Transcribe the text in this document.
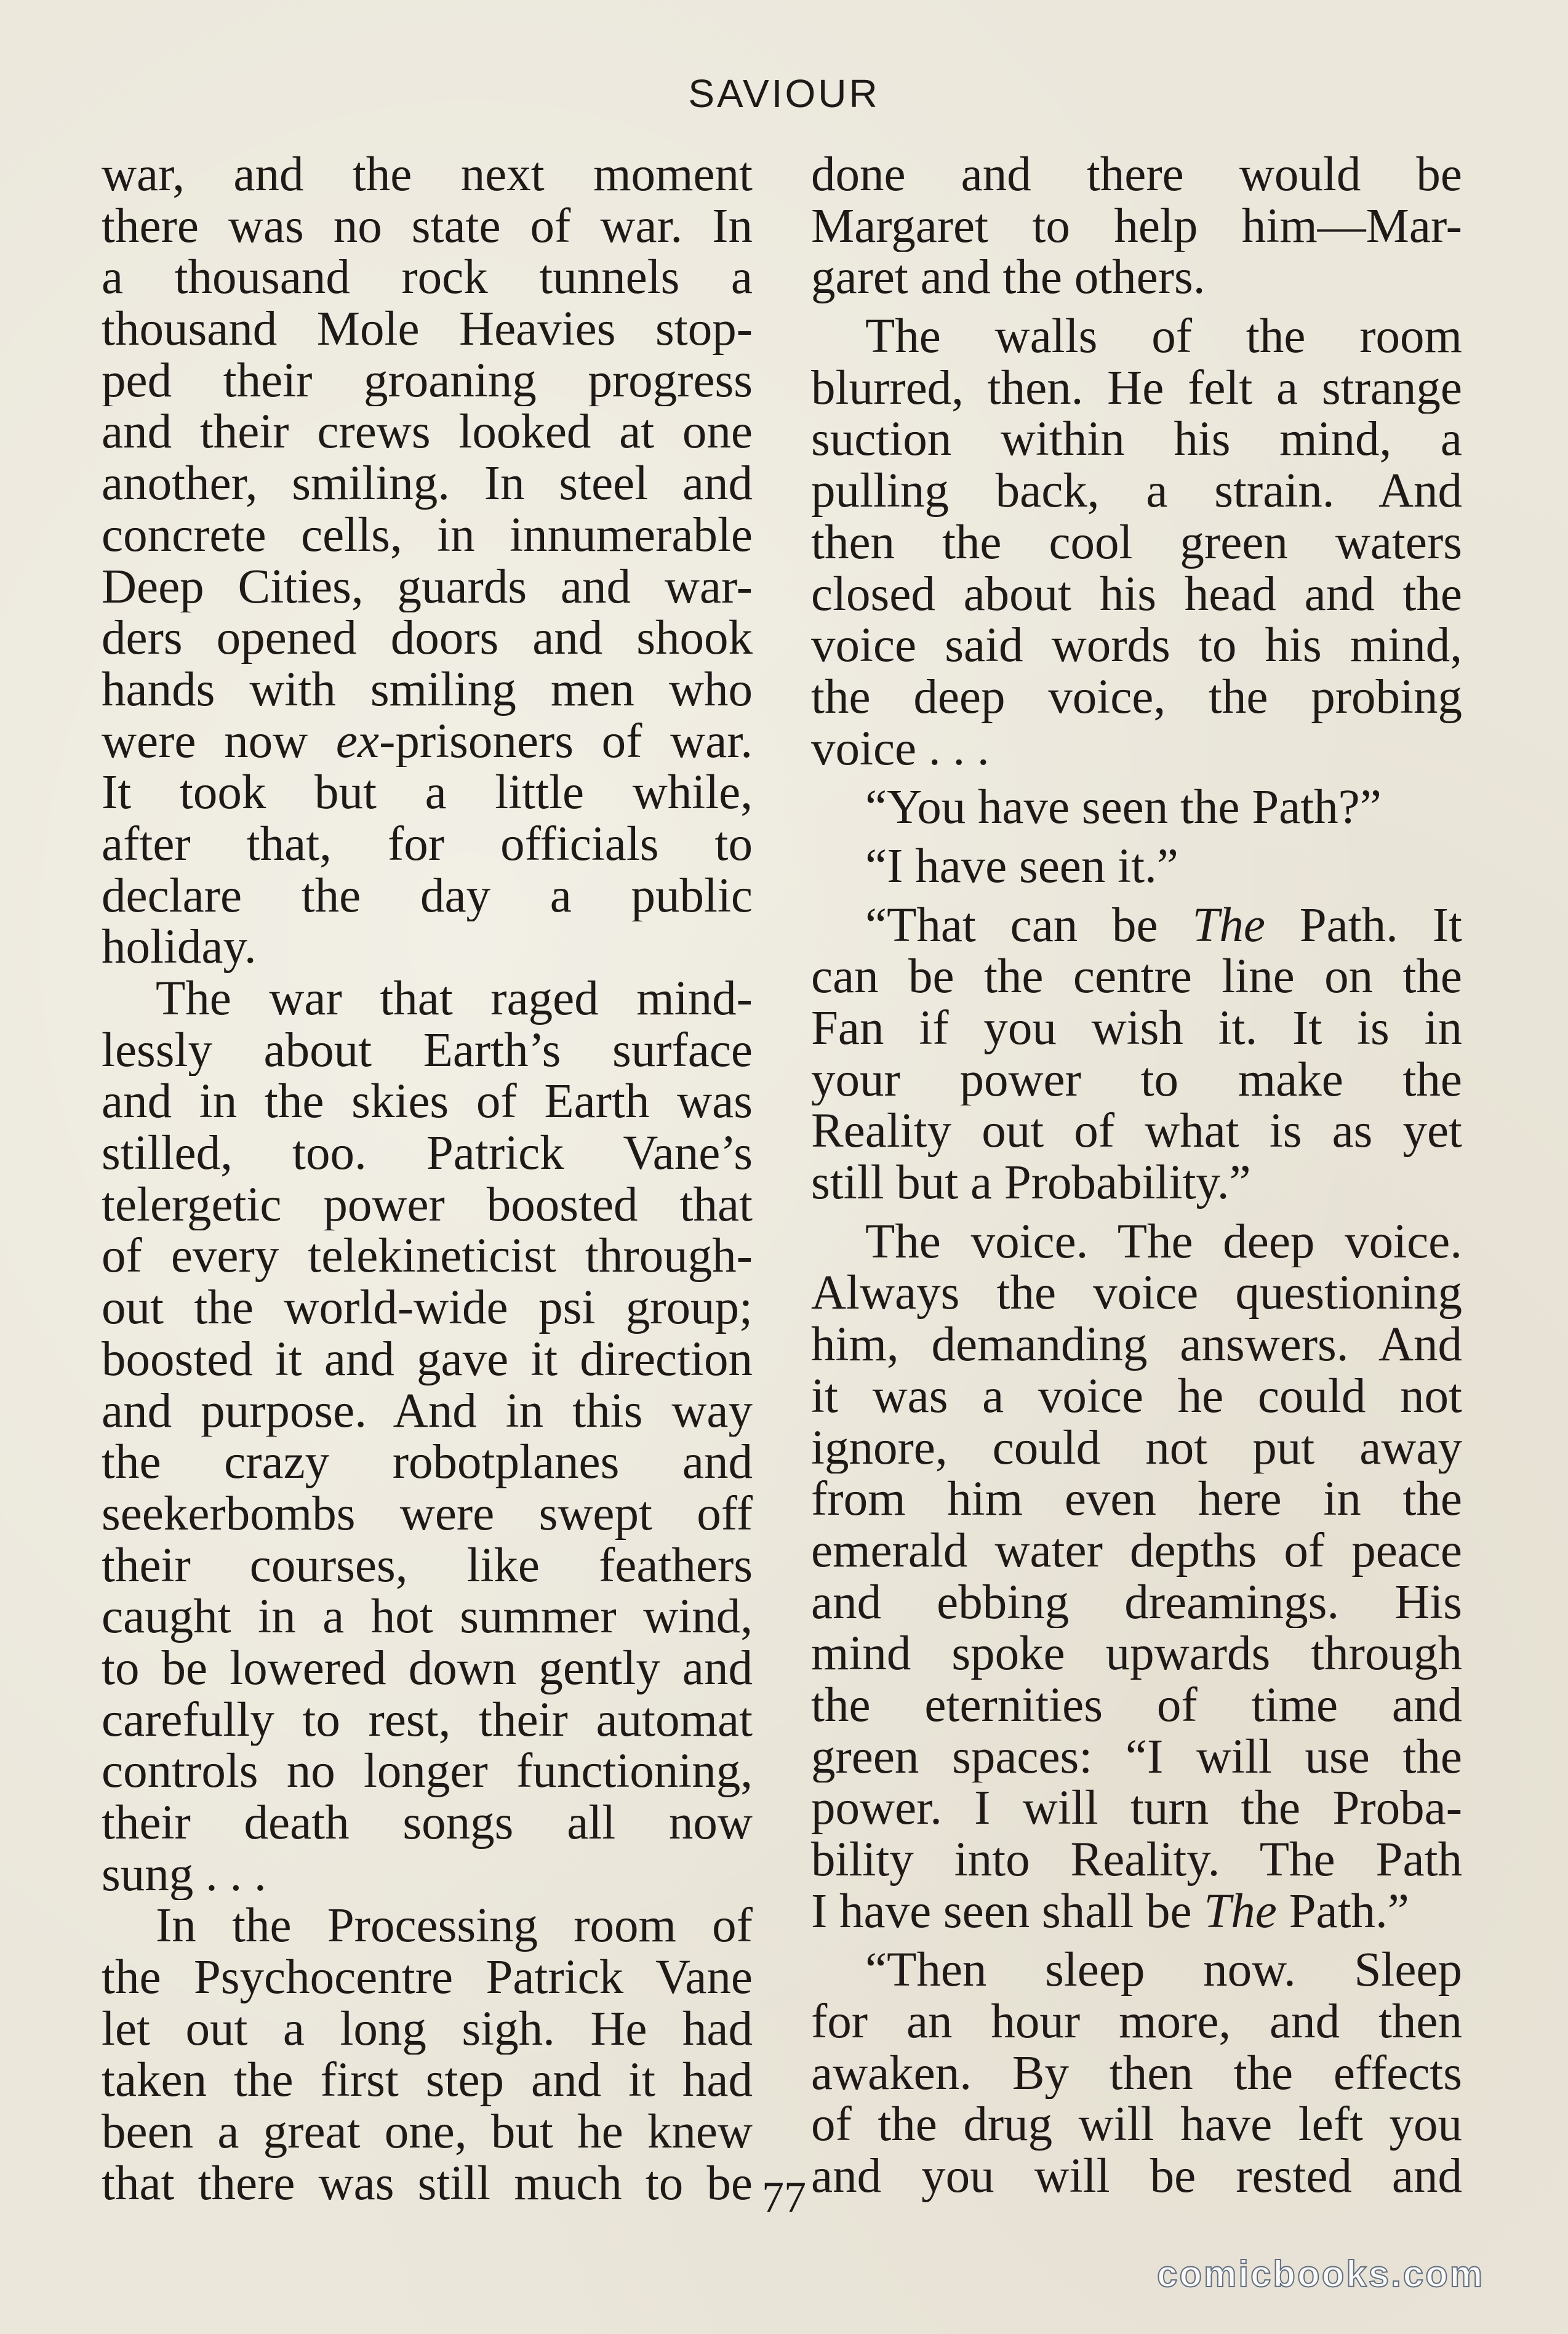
SAVIOUR
war, and the next moment
there was no state of war. In
a thousand rock tunnels a
thousand Mole Heavies stop-
ped their groaning progress
and their crews looked at one
another, smiling. In steel and
concrete cells, in innumerable
Deep Cities, guards and war-
ders opened doors and shook
hands with smiling men who
were now ex-prisoners of war.
It took but a little while,
after that, for officials to
declare the day a public
holiday.
The war that raged mind-
lessly about Earth’s surface
and in the skies of Earth was
stilled, too. Patrick Vane’s
telergetic power boosted that
of every telekineticist through-
out the world-wide psi group;
boosted it and gave it direction
and purpose. And in this way
the crazy robotplanes and
seekerbombs were swept off
their courses, like feathers
caught in a hot summer wind,
to be lowered down gently and
carefully to rest, their automat
controls no longer functioning,
their death songs all now
sung . . .
In the Processing room of
the Psychocentre Patrick Vane
let out a long sigh. He had
taken the first step and it had
been a great one, but he knew
that there was still much to be
done and there would be
Margaret to help him—Mar-
garet and the others.
The walls of the room
blurred, then. He felt a strange
suction within his mind, a
pulling back, a strain. And
then the cool green waters
closed about his head and the
voice said words to his mind,
the deep voice, the probing
voice . . .
“You have seen the Path?”
“I have seen it.”
“That can be The Path. It
can be the centre line on the
Fan if you wish it. It is in
your power to make the
Reality out of what is as yet
still but a Probability.”
The voice. The deep voice.
Always the voice questioning
him, demanding answers. And
it was a voice he could not
ignore, could not put away
from him even here in the
emerald water depths of peace
and ebbing dreamings. His
mind spoke upwards through
the eternities of time and
green spaces: “I will use the
power. I will turn the Proba-
bility into Reality. The Path
I have seen shall be The Path.”
“Then sleep now. Sleep
for an hour more, and then
awaken. By then the effects
of the drug will have left you
and you will be rested and
77
comicbooks.com
